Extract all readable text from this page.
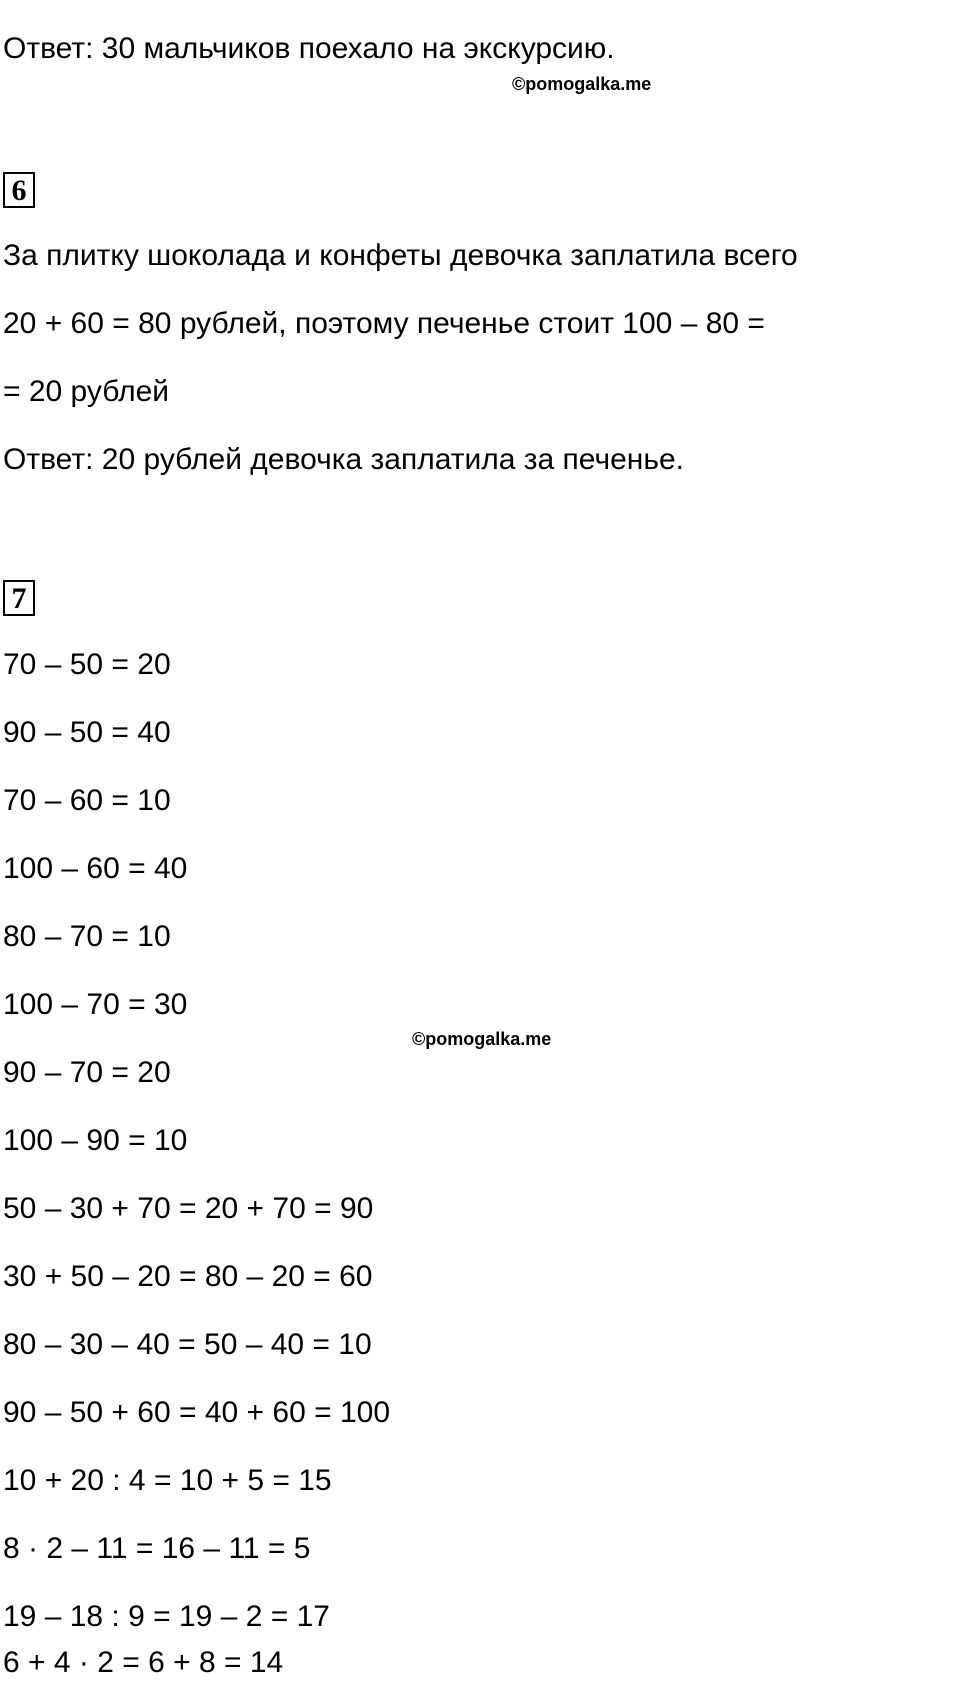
Ответ: 30 мальчиков поехало на экскурсию.
©pomogalka.me
6
За плитку шоколада и конфеты девочка заплатила всего
20 + 60 = 80 рублей, поэтому печенье стоит 100 – 80 =
= 20 рублей
Ответ: 20 рублей девочка заплатила за печенье.
7
70 – 50 = 20
90 – 50 = 40
70 – 60 = 10
100 – 60 = 40
80 – 70 = 10
100 – 70 = 30
©pomogalka.me
90 – 70 = 20
100 – 90 = 10
50 – 30 + 70 = 20 + 70 = 90
30 + 50 – 20 = 80 – 20 = 60
80 – 30 – 40 = 50 – 40 = 10
90 – 50 + 60 = 40 + 60 = 100
10 + 20 : 4 = 10 + 5 = 15
8 · 2 – 11 = 16 – 11 = 5
19 – 18 : 9 = 19 – 2 = 17
6 + 4 · 2 = 6 + 8 = 14
